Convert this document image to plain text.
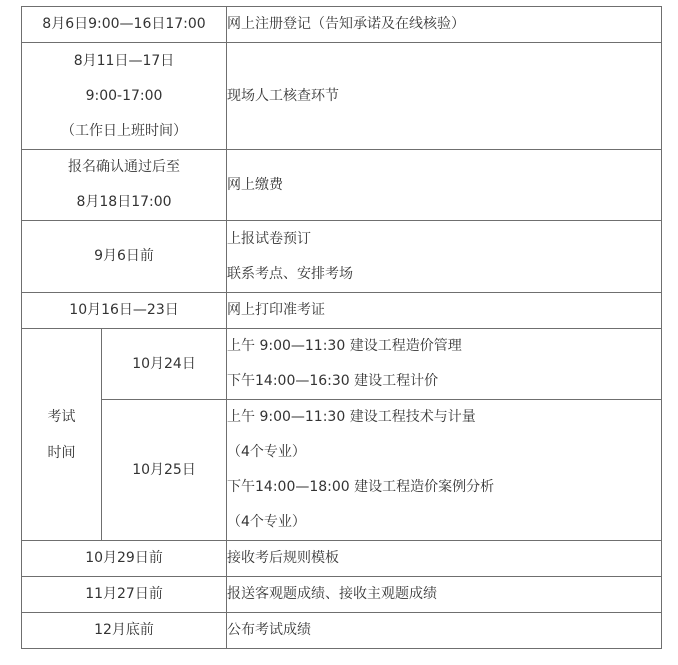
8月6日9:00—16日17:00		网上注册登记（告知承诺及在线核验）

8月11日—17日
9:00-17:00
（工作日上班时间）		现场人工核查环节

报名确认通过后至
8月18日17:00		网上缴费

9月6日前		上报试卷预订
联系考点、安排考场

10月16日—23日		网上打印准考证

考试
时间	10月24日	上午 9:00—11:30 建设工程造价管理
下午14:00—16:30 建设工程计价

	10月25日	上午 9:00—11:30 建设工程技术与计量
（4个专业）
下午14:00—18:00 建设工程造价案例分析
（4个专业）

10月29日前		接收考后规则模板

11月27日前		报送客观题成绩、接收主观题成绩

12月底前		公布考试成绩
